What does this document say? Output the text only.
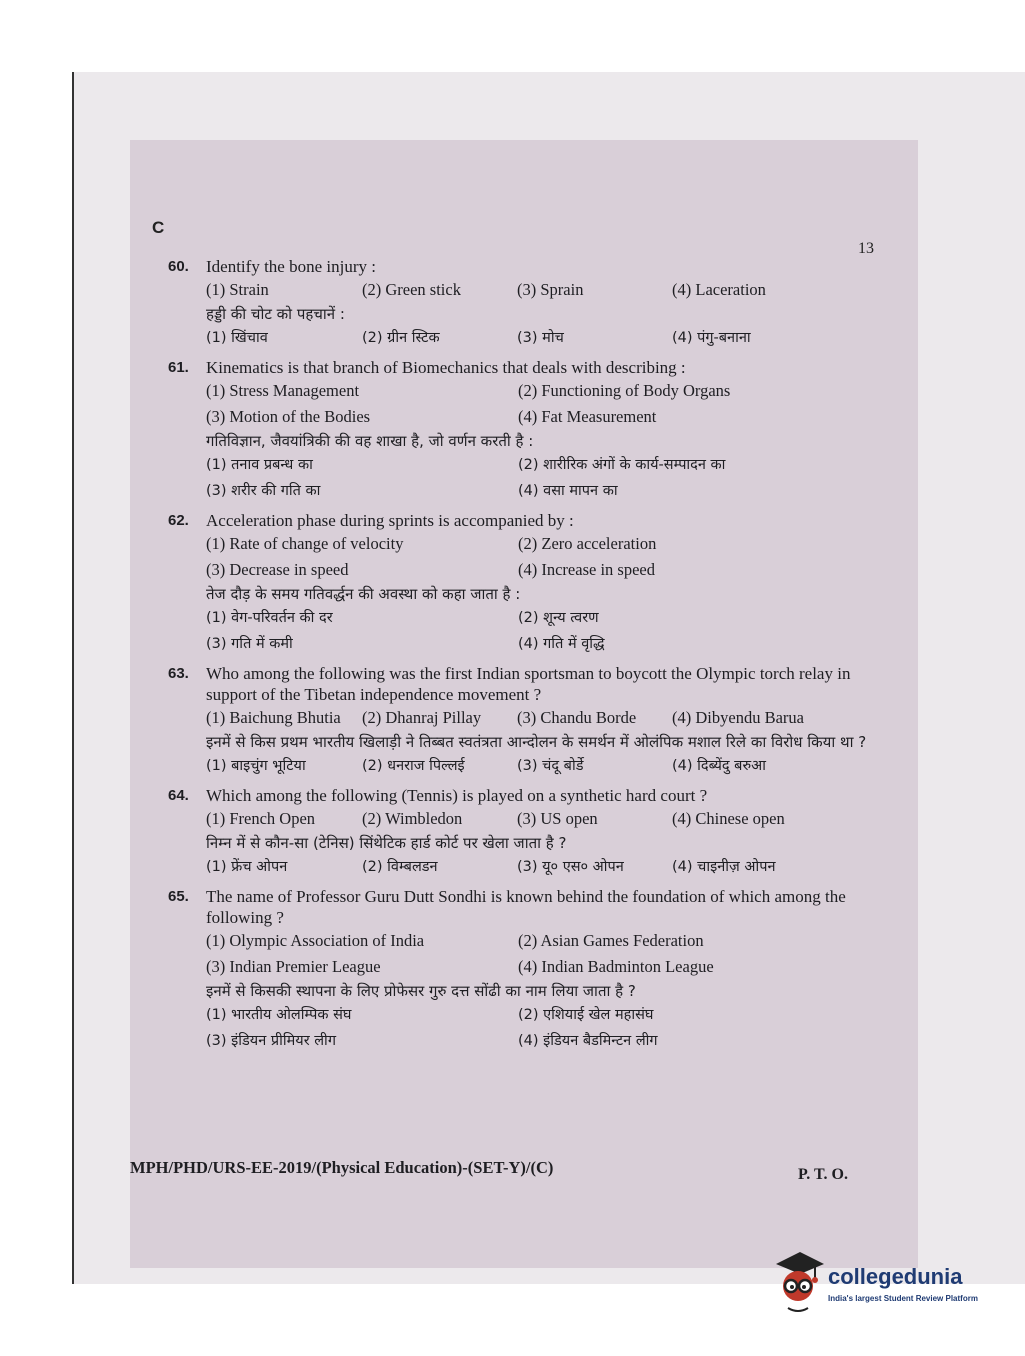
C
13
60. Identify the bone injury :
(1) Strain	(2) Green stick	(3) Sprain	(4) Laceration
हड्डी की चोट को पहचानें :
(1) खिंचाव	(2) ग्रीन स्टिक	(3) मोच	(4) पंगु-बनाना
61. Kinematics is that branch of Biomechanics that deals with describing :
(1) Stress Management	(2) Functioning of Body Organs
(3) Motion of the Bodies	(4) Fat Measurement
गतिविज्ञान, जैवयांत्रिकी की वह शाखा है, जो वर्णन करती है :
(1) तनाव प्रबन्ध का	(2) शारीरिक अंगों के कार्य-सम्पादन का
(3) शरीर की गति का	(4) वसा मापन का
62. Acceleration phase during sprints is accompanied by :
(1) Rate of change of velocity	(2) Zero acceleration
(3) Decrease in speed	(4) Increase in speed
तेज दौड़ के समय गतिवर्द्धन की अवस्था को कहा जाता है :
(1) वेग-परिवर्तन की दर	(2) शून्य त्वरण
(3) गति में कमी	(4) गति में वृद्धि
63. Who among the following was the first Indian sportsman to boycott the Olympic torch relay in support of the Tibetan independence movement ?
(1) Baichung Bhutia	(2) Dhanraj Pillay	(3) Chandu Borde	(4) Dibyendu Barua
इनमें से किस प्रथम भारतीय खिलाड़ी ने तिब्बत स्वतंत्रता आन्दोलन के समर्थन में ओलंपिक मशाल रिले का विरोध किया था ?
(1) बाइचुंग भूटिया	(2) धनराज पिल्लई	(3) चंदू बोर्डे	(4) दिब्येंदु बरुआ
64. Which among the following (Tennis) is played on a synthetic hard court ?
(1) French Open	(2) Wimbledon	(3) US open	(4) Chinese open
निम्न में से कौन-सा (टेनिस) सिंथेटिक हार्ड कोर्ट पर खेला जाता है ?
(1) फ्रेंच ओपन	(2) विम्बलडन	(3) यू० एस० ओपन	(4) चाइनीज़ ओपन
65. The name of Professor Guru Dutt Sondhi is known behind the foundation of which among the following ?
(1) Olympic Association of India	(2) Asian Games Federation
(3) Indian Premier League	(4) Indian Badminton League
इनमें से किसकी स्थापना के लिए प्रोफेसर गुरु दत्त सोंढी का नाम लिया जाता है ?
(1) भारतीय ओलम्पिक संघ	(2) एशियाई खेल महासंघ
(3) इंडियन प्रीमियर लीग	(4) इंडियन बैडमिन्टन लीग
MPH/PHD/URS-EE-2019/(Physical Education)-(SET-Y)/(C)	P. T. O.
collegedunia
India's largest Student Review Platform
